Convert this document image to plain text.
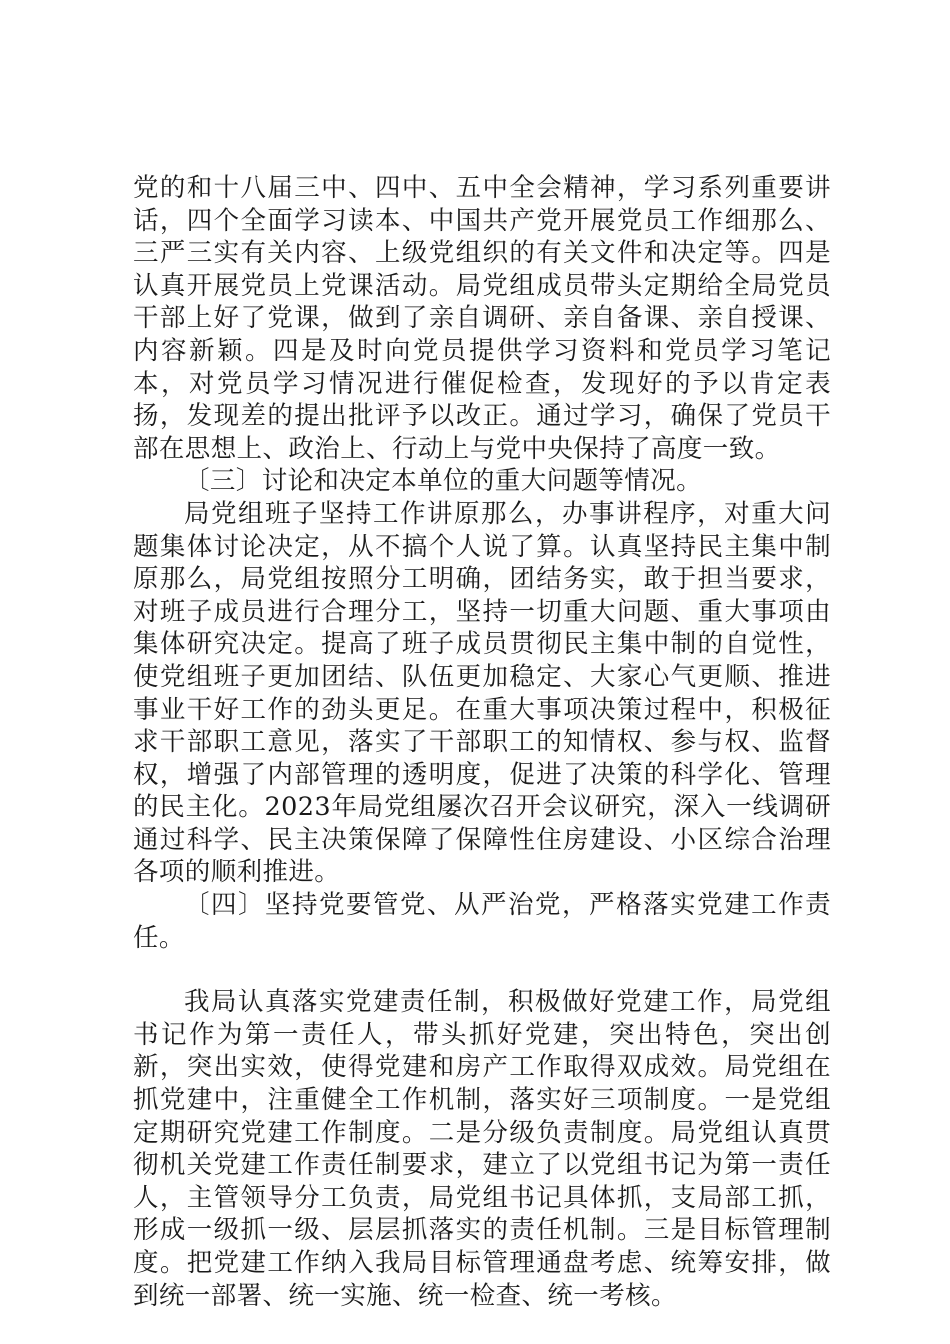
党的和十八届三中、四中、五中全会精神，学习系列重要讲话，四个全面学习读本、中国共产党开展党员工作细那么、三严三实有关内容、上级党组织的有关文件和决定等。四是认真开展党员上党课活动。局党组成员带头定期给全局党员干部上好了党课，做到了亲自调研、亲自备课、亲自授课、内容新颖。四是及时向党员提供学习资料和党员学习笔记本，对党员学习情况进行催促检查，发现好的予以肯定表扬，发现差的提出批评予以改正。通过学习，确保了党员干部在思想上、政治上、行动上与党中央保持了高度一致。

〔三〕讨论和决定本单位的重大问题等情况。

局党组班子坚持工作讲原那么，办事讲程序，对重大问题集体讨论决定，从不搞个人说了算。认真坚持民主集中制原那么，局党组按照分工明确，团结务实，敢于担当要求，对班子成员进行合理分工，坚持一切重大问题、重大事项由集体研究决定。提高了班子成员贯彻民主集中制的自觉性，使党组班子更加团结、队伍更加稳定、大家心气更顺、推进事业干好工作的劲头更足。在重大事项决策过程中，积极征求干部职工意见，落实了干部职工的知情权、参与权、监督权，增强了内部管理的透明度，促进了决策的科学化、管理的民主化。2023年局党组屡次召开会议研究，深入一线调研通过科学、民主决策保障了保障性住房建设、小区综合治理各项的顺利推进。

〔四〕坚持党要管党、从严治党，严格落实党建工作责任。

我局认真落实党建责任制，积极做好党建工作，局党组书记作为第一责任人，带头抓好党建，突出特色，突出创新，突出实效，使得党建和房产工作取得双成效。局党组在抓党建中，注重健全工作机制，落实好三项制度。一是党组定期研究党建工作制度。二是分级负责制度。局党组认真贯彻机关党建工作责任制要求，建立了以党组书记为第一责任人，主管领导分工负责，局党组书记具体抓，支局部工抓，形成一级抓一级、层层抓落实的责任机制。三是目标管理制度。把党建工作纳入我局目标管理通盘考虑、统筹安排，做到统一部署、统一实施、统一检查、统一考核。
